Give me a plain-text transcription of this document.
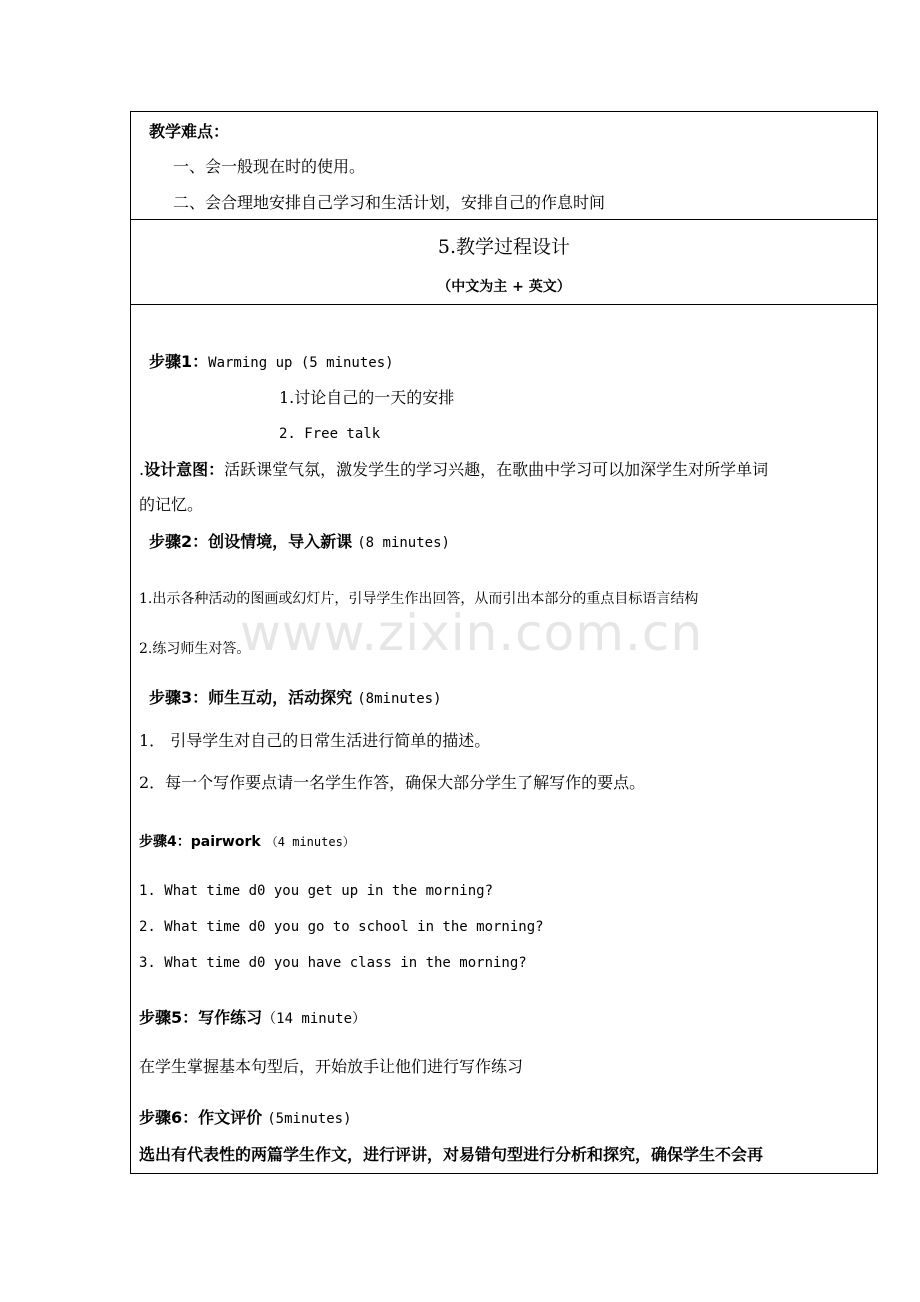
教学难点：
一、会一般现在时的使用。
二、会合理地安排自己学习和生活计划，安排自己的作息时间
5.教学过程设计
（中文为主 + 英文）
步骤1：Warming up (5 minutes)
1.讨论自己的一天的安排
2. Free talk
.设计意图：活跃课堂气氛，激发学生的学习兴趣，在歌曲中学习可以加深学生对所学单词
的记忆。
步骤2：创设情境，导入新课 (8 minutes)
1.出示各种活动的图画或幻灯片，引导学生作出回答，从而引出本部分的重点目标语言结构
2.练习师生对答。
步骤3：师生互动，活动探究 (8minutes)
1． 引导学生对自己的日常生活进行简单的描述。
2．每一个写作要点请一名学生作答，确保大部分学生了解写作的要点。
步骤4：pairwork （4 minutes）
1. What time d0 you get up in the morning?
2. What time d0 you go to school in the morning?
3. What time d0 you have class in the morning?
步骤5：写作练习（14 minute）
在学生掌握基本句型后，开始放手让他们进行写作练习
步骤6：作文评价 (5minutes)
选出有代表性的两篇学生作文，进行评讲，对易错句型进行分析和探究，确保学生不会再
www.zixin.com.cn
